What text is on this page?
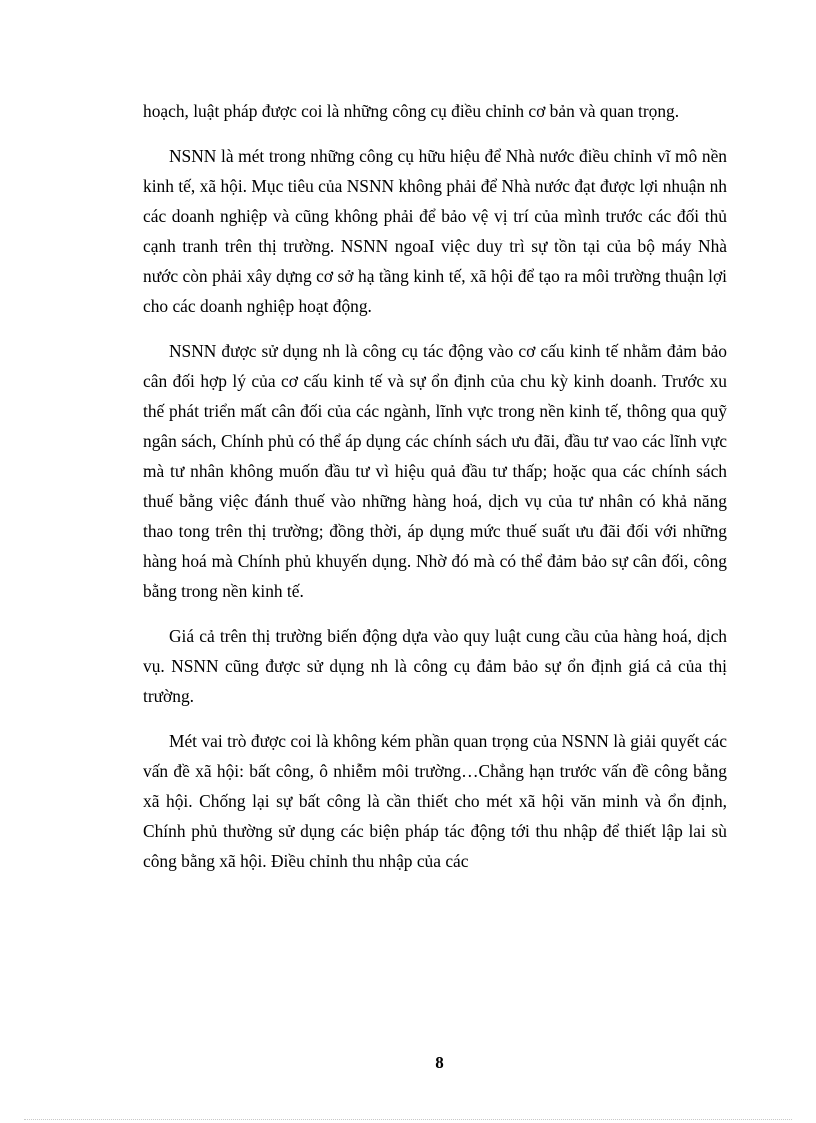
hoạch, luật pháp được coi là những công cụ điều chỉnh cơ bản và quan trọng.

NSNN là mét trong những công cụ hữu hiệu để Nhà nước điều chỉnh vĩ mô nền kinh tế, xã hội. Mục tiêu của NSNN không phải để Nhà nước đạt được lợi nhuận nh các doanh nghiệp và cũng không phải để bảo vệ vị trí của mình trước các đối thủ cạnh tranh trên thị trường. NSNN ngoaI việc duy trì sự tồn tại của bộ máy Nhà nước còn phải xây dựng cơ sở hạ tầng kinh tế, xã hội để tạo ra môi trường thuận lợi cho các doanh nghiệp hoạt động.

NSNN được sử dụng nh là công cụ tác động vào cơ cấu kinh tế nhằm đảm bảo cân đối hợp lý của cơ cấu kinh tế và sự ổn định của chu kỳ kinh doanh. Trước xu thế phát triển mất cân đối của các ngành, lĩnh vực trong nền kinh tế, thông qua quỹ ngân sách, Chính phủ có thể áp dụng các chính sách ưu đãi, đầu tư vao các lĩnh vực mà tư nhân không muốn đầu tư vì hiệu quả đầu tư thấp; hoặc qua các chính sách thuế bằng việc đánh thuế vào những hàng hoá, dịch vụ của tư nhân có khả năng thao tong trên thị trường; đồng thời, áp dụng mức thuế suất ưu đãi đối với những hàng hoá mà Chính phủ khuyến dụng. Nhờ đó mà có thể đảm bảo sự cân đối, công bằng trong nền kinh tế.

Giá cả trên thị trường biến động dựa vào quy luật cung cầu của hàng hoá, dịch vụ. NSNN cũng được sử dụng nh là công cụ đảm bảo sự ổn định giá cả của thị trường.

Mét vai trò được coi là không kém phần quan trọng của NSNN là giải quyết các vấn đề xã hội: bất công, ô nhiễm môi trường…Chẳng hạn trước vấn đề công bằng xã hội. Chống lại sự bất công là cần thiết cho mét xã hội văn minh và ổn định, Chính phủ thường sử dụng các biện pháp tác động tới thu nhập để thiết lập lai sù công bằng xã hội. Điều chỉnh thu nhập của các

8
